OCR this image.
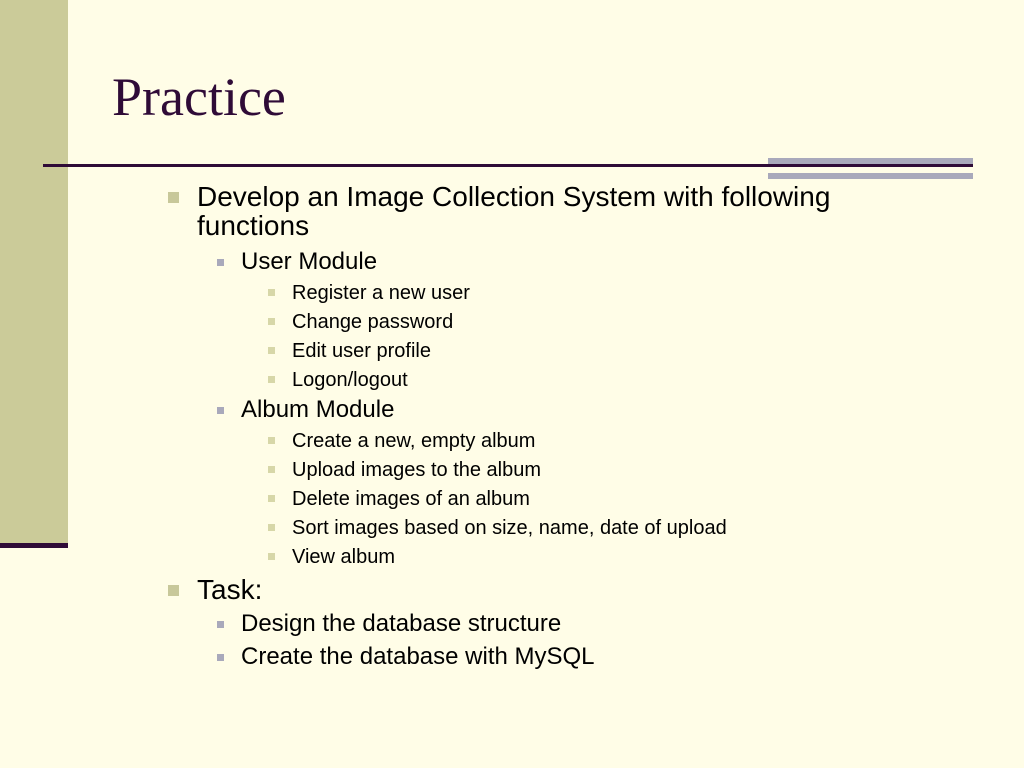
Practice
Develop an Image Collection System with following
functions
User Module
Register a new user
Change password
Edit user profile
Logon/logout
Album Module
Create a new, empty album
Upload images to the album
Delete images of an album
Sort images based on size, name, date of upload
View album
Task:
Design the database structure
Create the database with MySQL
